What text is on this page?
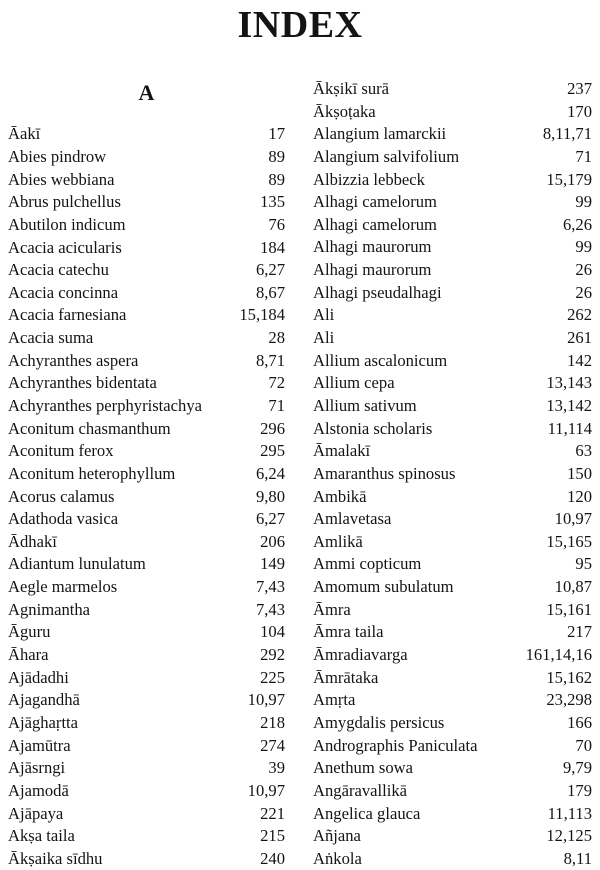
INDEX
A
Āakī	17
Abies pindrow	89
Abies webbiana	89
Abrus pulchellus	135
Abutilon indicum	76
Acacia acicularis	184
Acacia catechu	6,27
Acacia concinna	8,67
Acacia farnesiana	15,184
Acacia suma	28
Achyranthes aspera	8,71
Achyranthes bidentata	72
Achyranthes perphyristachya	71
Aconitum chasmanthum	296
Aconitum ferox	295
Aconitum heterophyllum	6,24
Acorus calamus	9,80
Adathoda vasica	6,27
Ādhakī	206
Adiantum lunulatum	149
Aegle marmelos	7,43
Agnimantha	7,43
Āguru	104
Āhara	292
Ajādadhi	225
Ajagandhā	10,97
Ajāghaṛtta	218
Ajamūtra	274
Ajāsrngi	39
Ajamodā	10,97
Ajāpaya	221
Akṣa taila	215
Ākṣaika sīdhu	240
Ākṣikī surā	237
Ākṣoṭaka	170
Alangium lamarckii	8,11,71
Alangium salvifolium	71
Albizzia lebbeck	15,179
Alhagi camelorum	99
Alhagi camelorum	6,26
Alhagi maurorum	99
Alhagi maurorum	26
Alhagi pseudalhagi	26
Ali	262
Ali	261
Allium ascalonicum	142
Allium cepa	13,143
Allium sativum	13,142
Alstonia scholaris	11,114
Āmalakī	63
Amaranthus spinosus	150
Ambikā	120
Amlavetasa	10,97
Amlikā	15,165
Ammi copticum	95
Amomum subulatum	10,87
Āmra	15,161
Āmra taila	217
Āmradiavarga	161,14,16
Āmrātaka	15,162
Amṛta	23,298
Amygdalis persicus	166
Andrographis Paniculata	70
Anethum sowa	9,79
Angāravallikā	179
Angelica glauca	11,113
Añjana	12,125
Aṅkola	8,11
